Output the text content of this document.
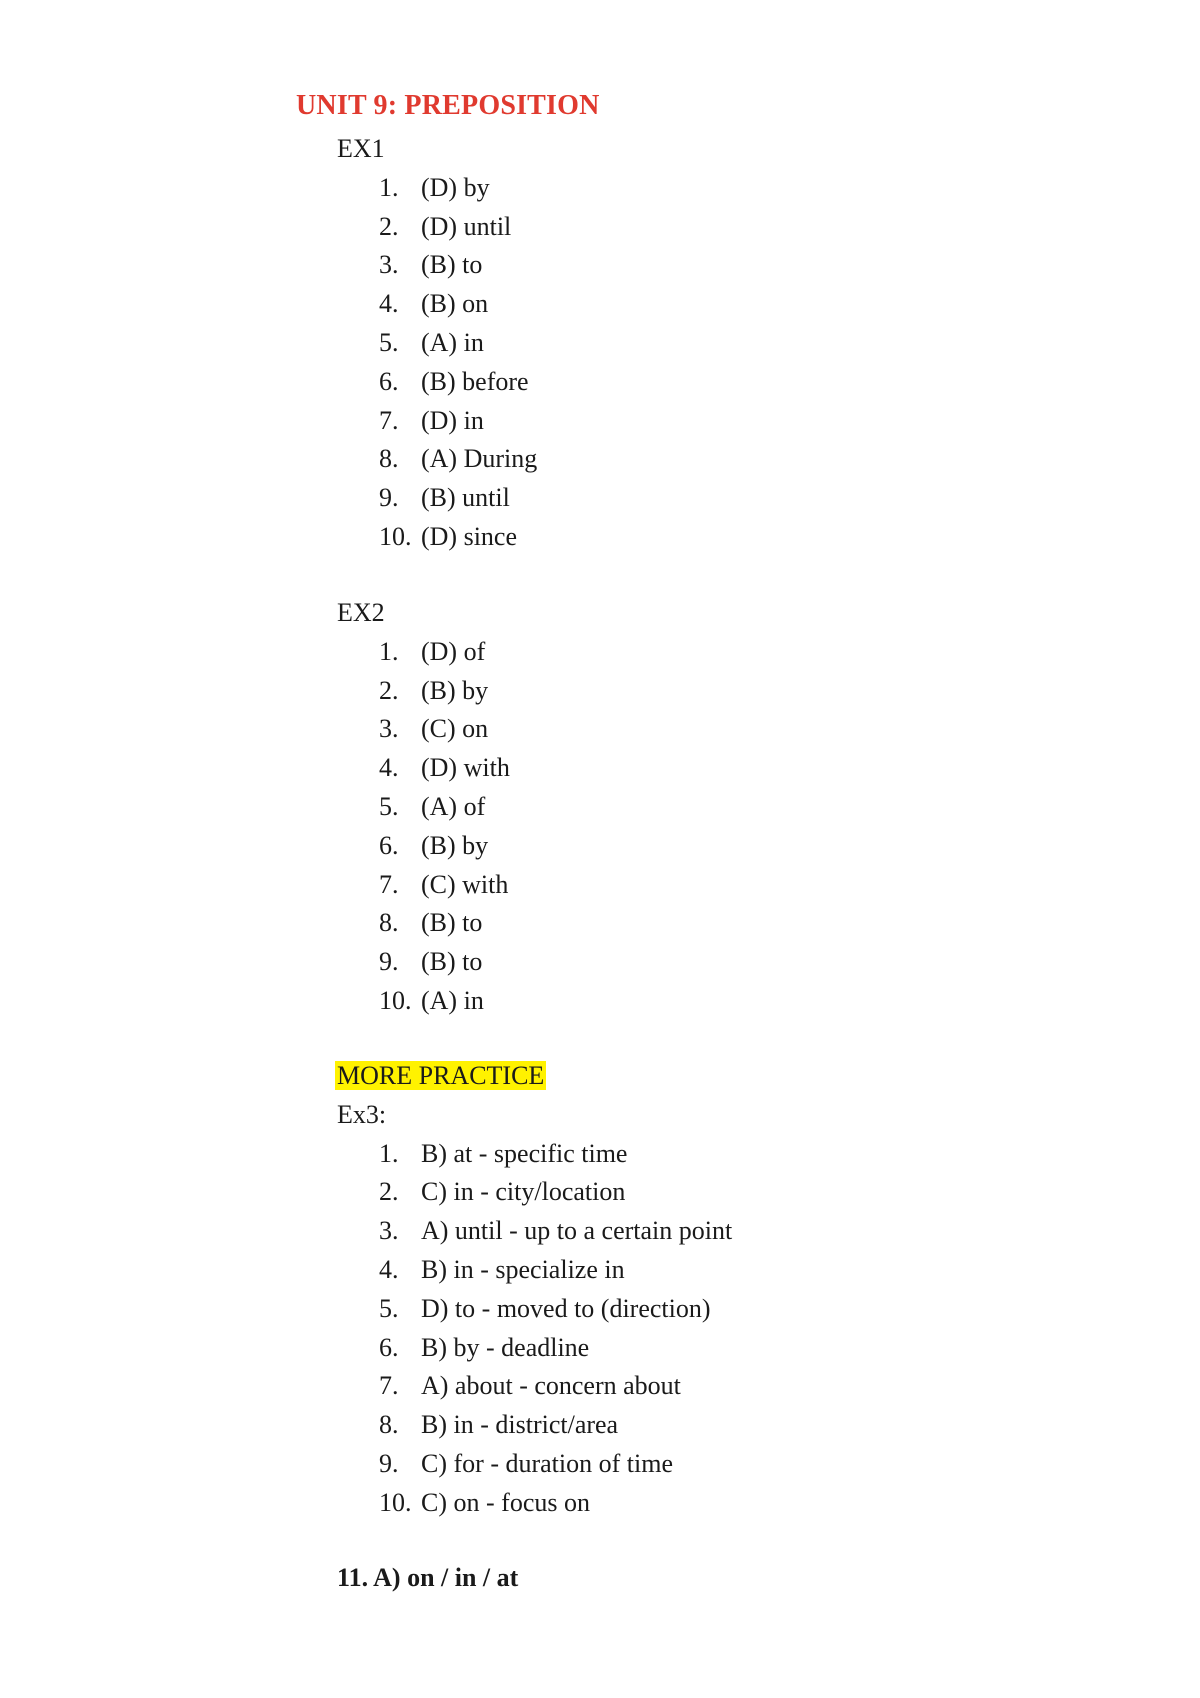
UNIT 9: PREPOSITION
EX1
1. (D) by
2. (D) until
3. (B) to
4. (B) on
5. (A) in
6. (B) before
7. (D) in
8. (A) During
9. (B) until
10. (D) since
EX2
1. (D) of
2. (B) by
3. (C) on
4. (D) with
5. (A) of
6. (B) by
7. (C) with
8. (B) to
9. (B) to
10. (A) in
MORE PRACTICE
Ex3:
1. B) at - specific time
2. C) in - city/location
3. A) until - up to a certain point
4. B) in - specialize in
5. D) to - moved to (direction)
6. B) by - deadline
7. A) about - concern about
8. B) in - district/area
9. C) for - duration of time
10. C) on - focus on
11. A) on / in / at
